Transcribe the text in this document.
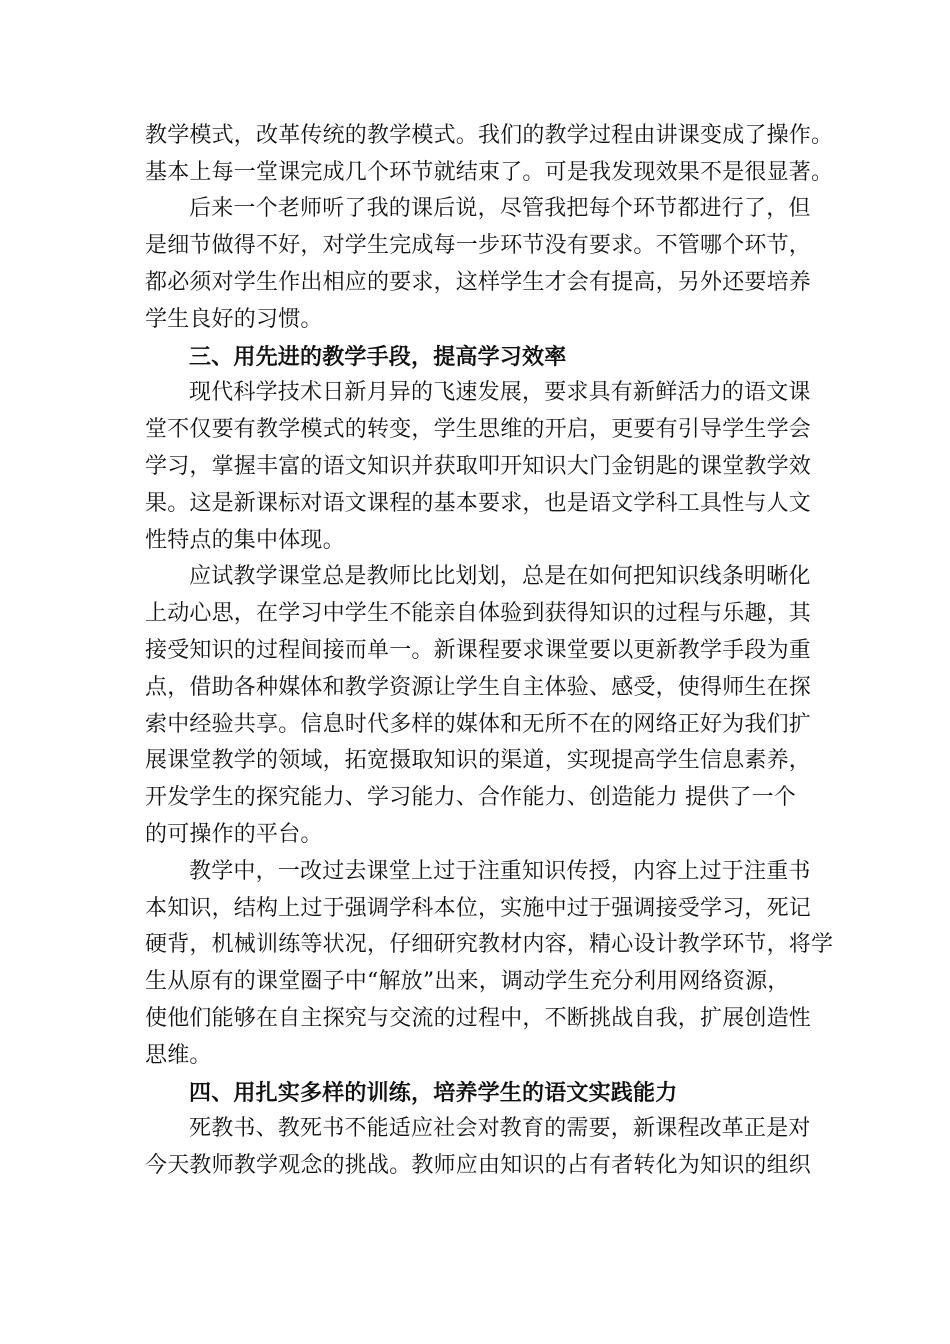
教学模式，改革传统的教学模式。我们的教学过程由讲课变成了操作。
基本上每一堂课完成几个环节就结束了。可是我发现效果不是很显著。
后来一个老师听了我的课后说，尽管我把每个环节都进行了，但
是细节做得不好，对学生完成每一步环节没有要求。不管哪个环节，
都必须对学生作出相应的要求，这样学生才会有提高，另外还要培养
学生良好的习惯。
三、用先进的教学手段，提高学习效率
现代科学技术日新月异的飞速发展，要求具有新鲜活力的语文课
堂不仅要有教学模式的转变，学生思维的开启，更要有引导学生学会
学习，掌握丰富的语文知识并获取叩开知识大门金钥匙的课堂教学效
果。这是新课标对语文课程的基本要求，也是语文学科工具性与人文
性特点的集中体现。
应试教学课堂总是教师比比划划，总是在如何把知识线条明晰化
上动心思，在学习中学生不能亲自体验到获得知识的过程与乐趣，其
接受知识的过程间接而单一。新课程要求课堂要以更新教学手段为重
点，借助各种媒体和教学资源让学生自主体验、感受，使得师生在探
索中经验共享。信息时代多样的媒体和无所不在的网络正好为我们扩
展课堂教学的领域，拓宽摄取知识的渠道，实现提高学生信息素养，
开发学生的探究能力、学习能力、合作能力、创造能力 提供了一个
的可操作的平台。
教学中，一改过去课堂上过于注重知识传授，内容上过于注重书
本知识，结构上过于强调学科本位，实施中过于强调接受学习，死记
硬背，机械训练等状况，仔细研究教材内容，精心设计教学环节，将学
生从原有的课堂圈子中“解放”出来，调动学生充分利用网络资源，
使他们能够在自主探究与交流的过程中，不断挑战自我，扩展创造性
思维。
四、用扎实多样的训练，培养学生的语文实践能力
死教书、教死书不能适应社会对教育的需要，新课程改革正是对
今天教师教学观念的挑战。教师应由知识的占有者转化为知识的组织
